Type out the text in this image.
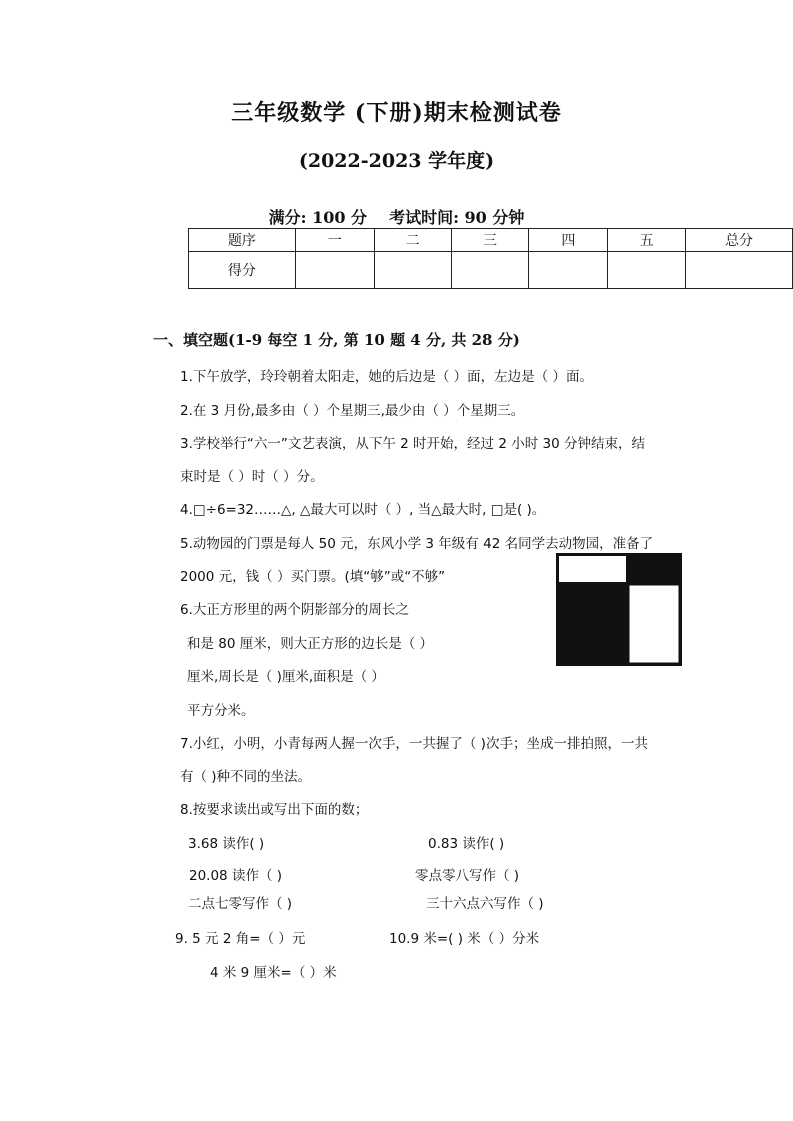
三年级数学 (下册)期末检测试卷
(2022-2023 学年度)
满分: 100 分 考试时间: 90 分钟
题序	一	二	三	四	五	总分
得分						
一、填空题(1-9 每空 1 分, 第 10 题 4 分, 共 28 分)
1.下午放学，玲玲朝着太阳走，她的后边是（ ）面，左边是（ ）面。
2.在 3 月份,最多由（ ）个星期三,最少由（ ）个星期三。
3.学校举行“六一”文艺表演，从下午 2 时开始，经过 2 小时 30 分钟结束，结
束时是（ ）时（ ）分。
4.□÷6=32……△, △最大可以时（ ）, 当△最大时, □是( )。
5.动物园的门票是每人 50 元，东风小学 3 年级有 42 名同学去动物园，准备了
2000 元，钱（ ）买门票。(填“够”或“不够”
6.大正方形里的两个阴影部分的周长之
和是 80 厘米，则大正方形的边长是（ ）
厘米,周长是（ )厘米,面积是（ ）
平方分米。
7.小红，小明，小青每两人握一次手，一共握了（ )次手；坐成一排拍照，一共
有（ )种不同的坐法。
8.按要求读出或写出下面的数；
3.68 读作( )	0.83 读作( )
20.08 读作（ )	零点零八写作（ )
二点七零写作（ )	三十六点六写作（ )
9. 5 元 2 角=（ ）元	10.9 米=( ) 米（ ）分米
4 米 9 厘米=（ ）米
